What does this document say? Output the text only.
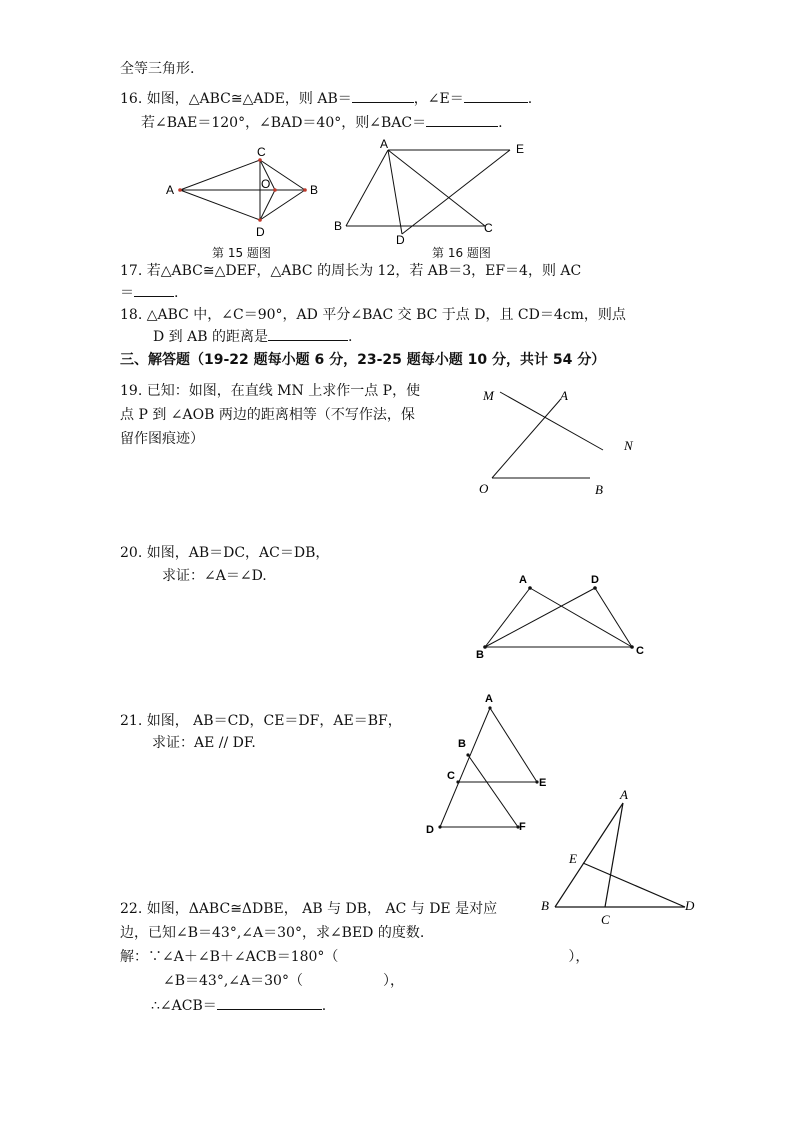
全等三角形.
16. 如图，△ABC≅△ADE，则 AB＝	，∠E＝	.
若∠BAE＝120°，∠BAD＝40°，则∠BAC＝	.
A
C
B
D
O
A	E
B	C
D
第 15 题图	第 16 题图
17. 若△ABC≅△DEF，△ABC 的周长为 12，若 AB＝3，EF＝4，则 AC
＝	.
18. △ABC 中，∠C＝90°，AD 平分∠BAC 交 BC 于点 D，且 CD＝4cm，则点
D 到 AB 的距离是	.
三、解答题（19-22 题每小题 6 分，23-25 题每小题 10 分，共计 54 分）
19. 已知：如图，在直线 MN 上求作一点 P，使
点 P 到 ∠AOB 两边的距离相等（不写作法，保
留作图痕迹）
M	A
N
O	B
20. 如图，AB＝DC，AC＝DB，
求证：∠A＝∠D.	A	D
B	C
21. 如图， AB＝CD，CE＝DF，AE＝BF，
求证：AE // DF.
A
B
C
E
D	F
A
E
B
C
D
22. 如图，ΔABC≅ΔDBE， AB 与 DB， AC 与 DE 是对应
边，已知∠B＝43°,∠A＝30°，求∠BED 的度数.
解：∵∠A＋∠B＋∠ACB＝180°（	），
∠B＝43°,∠A＝30°（	），
∴∠ACB＝	.
